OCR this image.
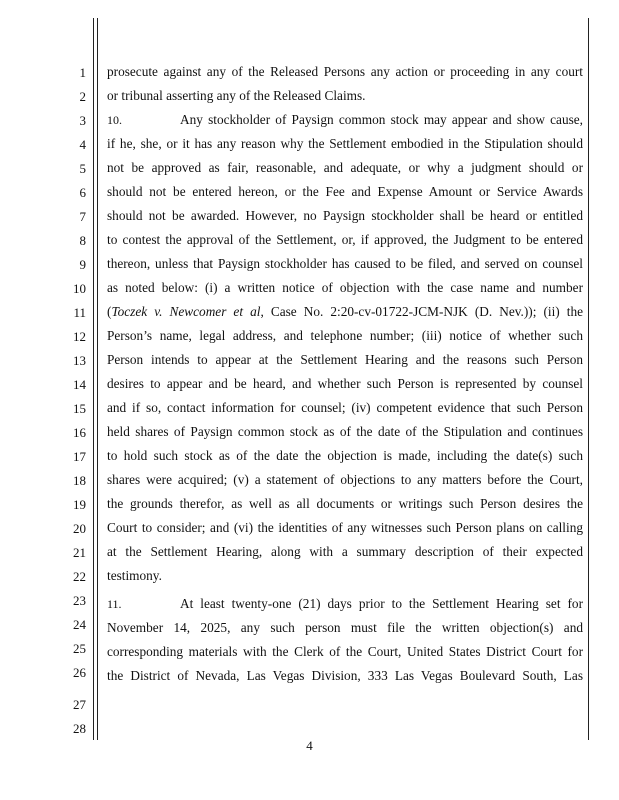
1
2
3
4
5
6
7
8
9
10
11
12
13
14
15
16
17
18
19
20
21
22
23
24
25
26
27
28
prosecute against any of the Released Persons any action or proceeding in any court
or tribunal asserting any of the Released Claims.
10.	Any stockholder of Paysign common stock may appear and show cause,
if he, she, or it has any reason why the Settlement embodied in the Stipulation should
not be approved as fair, reasonable, and adequate, or why a judgment should or
should not be entered hereon, or the Fee and Expense Amount or Service Awards
should not be awarded. However, no Paysign stockholder shall be heard or entitled
to contest the approval of the Settlement, or, if approved, the Judgment to be entered
thereon, unless that Paysign stockholder has caused to be filed, and served on counsel
as noted below: (i) a written notice of objection with the case name and number
(Toczek v. Newcomer et al, Case No. 2:20-cv-01722-JCM-NJK (D. Nev.)); (ii) the
Person’s name, legal address, and telephone number; (iii) notice of whether such
Person intends to appear at the Settlement Hearing and the reasons such Person
desires to appear and be heard, and whether such Person is represented by counsel
and if so, contact information for counsel; (iv) competent evidence that such Person
held shares of Paysign common stock as of the date of the Stipulation and continues
to hold such stock as of the date the objection is made, including the date(s) such
shares were acquired; (v) a statement of objections to any matters before the Court,
the grounds therefor, as well as all documents or writings such Person desires the
Court to consider; and (vi) the identities of any witnesses such Person plans on calling
at the Settlement Hearing, along with a summary description of their expected
testimony.
11.	At least twenty-one (21) days prior to the Settlement Hearing set for
November 14, 2025, any such person must file the written objection(s) and
corresponding materials with the Clerk of the Court, United States District Court for
the District of Nevada, Las Vegas Division, 333 Las Vegas Boulevard South, Las
4
